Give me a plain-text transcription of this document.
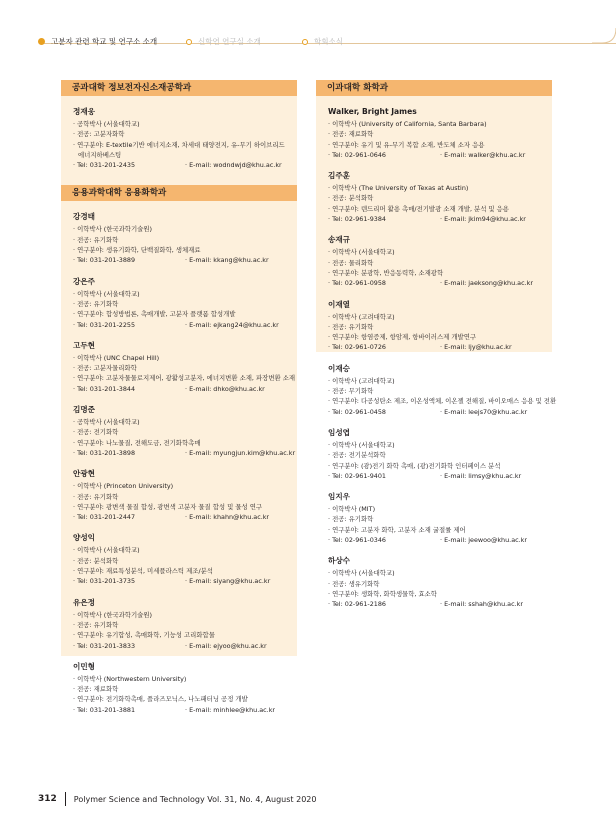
고분자 관련 학교 및 연구소 소개	신학연 연구실 소개	학회소식
공과대학 정보전자신소재공학과
정재웅
· 공학박사 (서울대학교)
· 전공: 고분자화학
· 연구분야: E-textile기반 에너지소재, 차세대 태양전지, 유-무기 하이브리드
에너지하베스팅
· Tel: 031-201-2435	· E-mail: wodndwjd@khu.ac.kr
응용과학대학 응용화학과
강경태
· 이학박사 (한국과학기술원)
· 전공: 유기화학
· 연구분야: 생유기화학, 단백질화학, 생체재료
· Tel: 031-201-3889	· E-mail: kkang@khu.ac.kr
강은주
· 이학박사 (서울대학교)
· 전공: 유기화학
· 연구분야: 합성방법론, 촉매개발, 고분자 플랫폼 합성개발
· Tel: 031-201-2255	· E-mail: ejkang24@khu.ac.kr
고두현
· 이학박사 (UNC Chapel Hill)
· 전공: 고분자물리화학
· 연구분야: 고분자물물로지제어, 광활성고분자, 에너지변환 소재, 파장변환 소재
· Tel: 031-201-3844	· E-mail: dhko@khu.ac.kr
김명준
· 공학박사 (서울대학교)
· 전공: 전기화학
· 연구분야: 나노물질, 전해도금, 전기화학촉매
· Tel: 031-201-3898	· E-mail: myungjun.kim@khu.ac.kr
안광현
· 이학박사 (Princeton University)
· 전공: 유기화학
· 연구분야: 광변색 물질 합성, 광변색 고분자 물질 합성 및 물성 연구
· Tel: 031-201-2447	· E-mail: khahn@khu.ac.kr
양성익
· 이학박사 (서울대학교)
· 전공: 분석화학
· 연구분야: 재료특성분석, 미세플라스틱 제조/분석
· Tel: 031-201-3735	· E-mail: siyang@khu.ac.kr
유은정
· 이학박사 (한국과학기술원)
· 전공: 유기화학
· 연구분야: 유기합성, 촉매화학, 기능성 고리화합물
· Tel: 031-201-3833	· E-mail: ejyoo@khu.ac.kr
이민형
· 이학박사 (Northwestern University)
· 전공: 재료화학
· 연구분야: 전기화학촉매, 플라즈모닉스, 나노패터닝 공정 개발
· Tel: 031-201-3881	· E-mail: minhlee@khu.ac.kr
이과대학 화학과
Walker, Bright James
· 이학박사 (University of California, Santa Barbara)
· 전공: 재료화학
· 연구분야: 유기 및 유-무기 복합 소재, 반도체 소자 응용
· Tel: 02-961-0646	· E-mail: walker@khu.ac.kr
김주훈
· 이학박사 (The University of Texas at Austin)
· 전공: 분석화학
· 연구분야: 덴드리머 활용 촉매/전기발광 소재 개발, 분석 및 응용
· Tel: 02-961-9384	· E-mail: jkim94@khu.ac.kr
송재규
· 이학박사 (서울대학교)
· 전공: 물리화학
· 연구분야: 분광학, 반응동력학, 소재광학
· Tel: 02-961-0958	· E-mail: jaeksong@khu.ac.kr
이재열
· 이학박사 (고려대학교)
· 전공: 유기화학
· 연구분야: 항염증제, 항암제, 항바이러스제 개발연구
· Tel: 02-961-0726	· E-mail: ljy@khu.ac.kr
이재승
· 이학박사 (고려대학교)
· 전공: 무기화학
· 연구분야: 다공성탄소 제조, 이온성액체, 이온젤 전해질, 바이오매스 응용 및 전환
· Tel: 02-961-0458	· E-mail: leejs70@khu.ac.kr
임성엽
· 이학박사 (서울대학교)
· 전공: 전기분석화학
· 연구분야: (광)전기 화학 촉매, (광)전기화학 인터페이스 분석
· Tel: 02-961-9401	· E-mail: limsy@khu.ac.kr
임지우
· 이학박사 (MIT)
· 전공: 유기화학
· 연구분야: 고분자 화학, 고분자 소재 굴절률 제어
· Tel: 02-961-0346	· E-mail: jeewoo@khu.ac.kr
하상수
· 이학박사 (서울대학교)
· 전공: 생유기화학
· 연구분야: 생화학, 화학생물학, 효소학
· Tel: 02-961-2186	· E-mail: sshah@khu.ac.kr
312 Polymer Science and Technology Vol. 31, No. 4, August 2020
